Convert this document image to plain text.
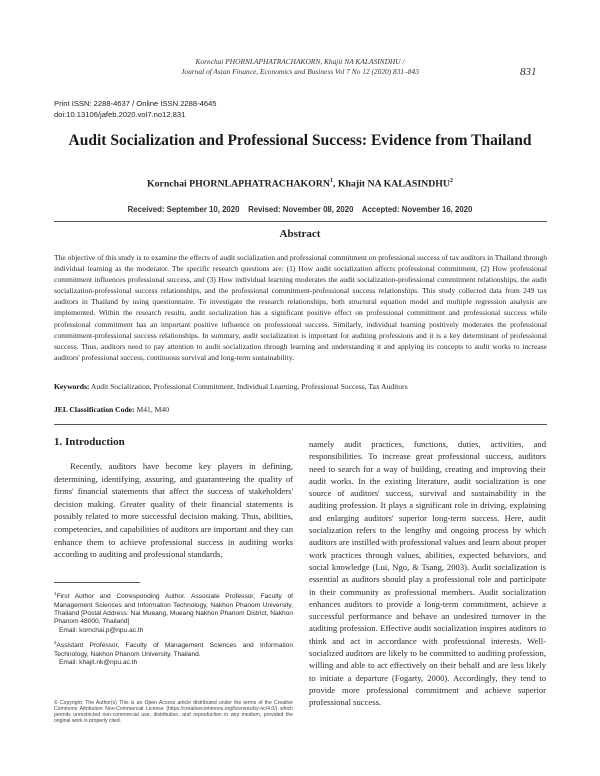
Kornchai PHORNLAPHATRACHAKORN, Khajit NA KALASINDHU /
Journal of Asian Finance, Economics and Business Vol 7 No 12 (2020) 831–843	831
Print ISSN: 2288-4637 / Online ISSN 2288-4645
doi:10.13106/jafeb.2020.vol7.no12.831
Audit Socialization and Professional Success: Evidence from Thailand
Kornchai PHORNLAPHATRACHAKORN$^1$, Khajit NA KALASINDHU$^2$
Received: September 10, 2020 Revised: November 08, 2020 Accepted: November 16, 2020
Abstract
The objective of this study is to examine the effects of audit socialization and professional commitment on professional success of tax auditors in Thailand through individual learning as the moderator. The specific research questions are: (1) How audit socialization affects professional commitment, (2) How professional commitment influences professional success, and (3) How individual learning moderates the audit socialization-professional commitment relationships, the audit socialization-professional success relationships, and the professional commitment-professional success relationships. This study collected data from 249 tax auditors in Thailand by using questionnaire. To investigate the research relationships, both structural equation model and multiple regression analysis are implemented. Within the research results, audit socialization has a significant positive effect on professional commitment and professional success while professional commitment has an important positive influence on professional success. Similarly, individual learning positively moderates the professional commitment-professional success relationships. In summary, audit socialization is important for auditing professions and it is a key determinant of professional success. Thus, auditors need to pay attention to audit socialization through learning and understanding it and applying its concepts to audit works to increase auditors' professional success, continuous survival and long-term sustainability.
Keywords: Audit Socialization, Professional Commitment, Individual Learning, Professional Success, Tax Auditors
JEL Classification Code: M41, M40
1. Introduction

Recently, auditors have become key players in defining, determining, identifying, assuring, and guaranteeing the quality of firms' financial statements that affect the success of stakeholders' decision making. Greater quality of their financial statements is possibly related to more successful decision making. Thus, abilities, competencies, and capabilities of auditors are important and they can enhance them to achieve professional success in auditing works according to auditing and professional standards,

namely audit practices, functions, duties, activities, and responsibilities. To increase great professional success, auditors need to search for a way of building, creating and improving their audit works. In the existing literature, audit socialization is one source of auditors' success, survival and sustainability in the auditing profession. It plays a significant role in driving, explaining and enlarging auditors' superior long-term success. Here, audit socialization refers to the lengthy and ongoing process by which auditors are instilled with professional values and learn about proper work practices through values, abilities, expected behaviors, and social knowledge (Lui, Ngo, & Tsang, 2003). Audit socialization is essential as auditors should play a professional role and participate in their community as professional members. Audit socialization enhances auditors to provide a long-term commitment, achieve a successful performance and behave an undesired turnover in the auditing profession. Effective audit socialization inspires auditors to think and act in accordance with professional interests. Well-socialized auditors are likely to be committed to auditing profession, willing and able to act effectively on their behalf and are less likely to initiate a departure (Fogarty, 2000). Accordingly, they tend to provide more professional commitment and achieve superior professional success.

$^1$First Author and Corresponding Author. Associate Professor, Faculty of Management Sciences and Information Technology, Nakhon Phanom University, Thailand [Postal Address: Nai Mueang, Mueang Nakhon Phanom District, Nakhon Phanom 48000, Thailand]
Email: kornchai.p@npu.ac.th
$^2$Assistant Professor, Faculty of Management Sciences and Information Technology, Nakhon Phanom University, Thailand.
Email: khajit.nk@npu.ac.th
© Copyright: The Author(s) This is an Open Access article distributed under the terms of the Creative Commons Attribution Non-Commercial License (https://creativecommons.org/licenses/by-nc/4.0/) which permits unrestricted non-commercial use, distribution, and reproduction in any medium, provided the original work is properly cited.
